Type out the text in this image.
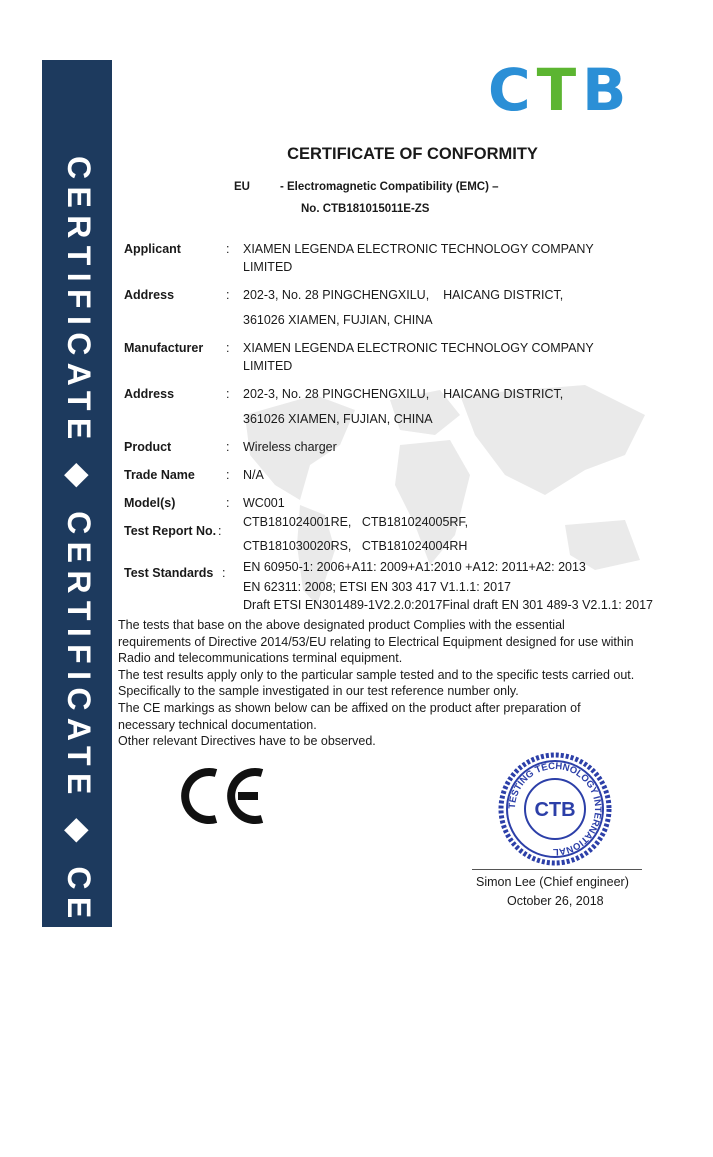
CERTIFICATE ◆ CERTIFICATE ◆ CERTIFICATE
CTB
CERTIFICATE OF CONFORMITY
EU	- Electromagnetic Compatibility (EMC) –
No. CTB181015011E-ZS
Applicant	: XIAMEN LEGENDA ELECTRONIC TECHNOLOGY COMPANY
LIMITED
Address	: 202-3, No. 28 PINGCHENGXILU,    HAICANG DISTRICT,
361026 XIAMEN, FUJIAN, CHINA
Manufacturer : XIAMEN LEGENDA ELECTRONIC TECHNOLOGY COMPANY
LIMITED
Address	: 202-3, No. 28 PINGCHENGXILU,    HAICANG DISTRICT,
361026 XIAMEN, FUJIAN, CHINA
Product	: Wireless charger
Trade Name : N/A
Model(s)	: WC001
Test Report No. :
CTB181024001RE,   CTB181024005RF,
CTB181030020RS,   CTB181024004RH
Test Standards : EN 60950-1: 2006+A11: 2009+A1:2010 +A12: 2011+A2: 2013
EN 62311: 2008; ETSI EN 303 417 V1.1.1: 2017
Draft ETSI EN301489-1V2.2.0:2017Final draft EN 301 489-3 V2.1.1: 2017
The tests that base on the above designated product Complies with the essential
requirements of Directive 2014/53/EU relating to Electrical Equipment designed for use within
Radio and telecommunications terminal equipment.
The test results apply only to the particular sample tested and to the specific tests carried out.
Specifically to the sample investigated in our test reference number only.
The CE markings as shown below can be affixed on the product after preparation of
necessary technical documentation.
Other relevant Directives have to be observed.
TESTING TECHNOLOGY INTERNATIONAL
CTB
Simon Lee (Chief engineer)
October 26, 2018
